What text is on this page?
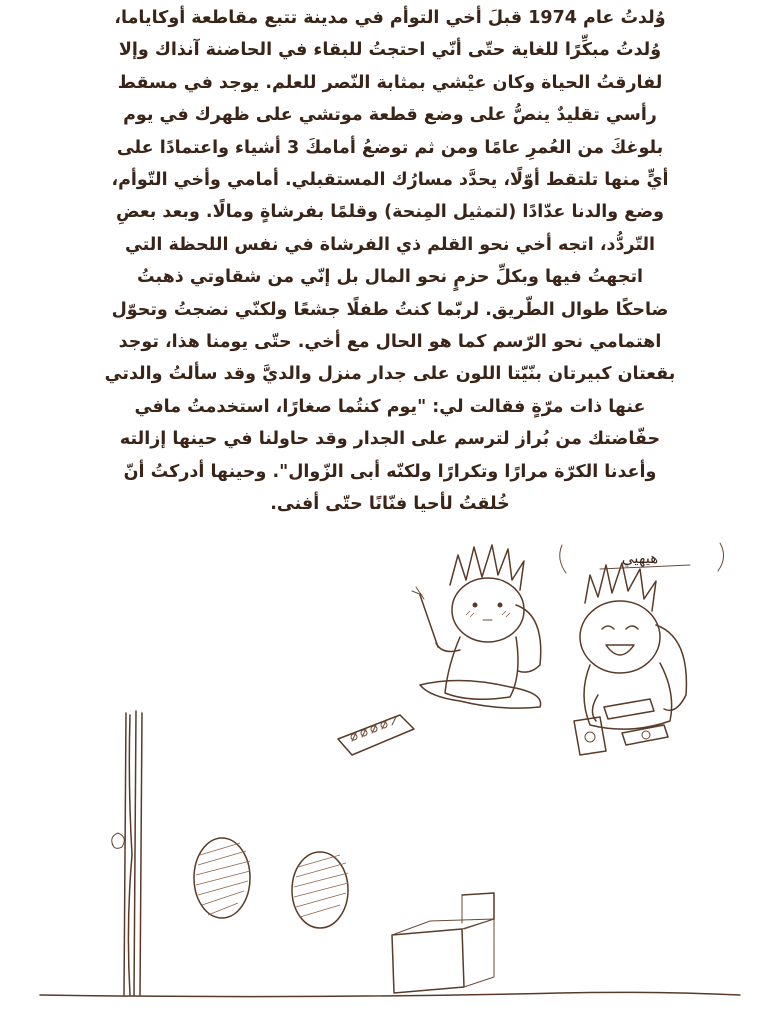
وُلدتُ عام 1974 قبلَ أخي التوأم في مدينة تتبع مقاطعة أوكاياما،
وُلدتُ مبكِّرًا للغاية حتّى أنّي احتجتُ للبقاء في الحاضنة آنذاك وإلا
لفارقتُ الحياة وكان عيْشي بمثابة النّصر للعلم. يوجد في مسقط
رأسي تقليدٌ ينصُّ على وضع قطعة موتشي على ظهرك في يوم
بلوغكَ من العُمرِ عامًا ومن ثم توضعُ أمامكَ 3 أشياء واعتمادًا على
أيٍّ منها تلتقط أوّلًا، يحدَّد مسارُك المستقبلي. أمامي وأخي التّوأم،
وضع والدنا عدّادًا (لتمثيل المِنحة) وقلمًا بفرشاةٍ ومالًا. وبعد بعضِ
التّردُّد، اتجه أخي نحو القلم ذي الفرشاة في نفس اللحظة التي
اتجهتُ فيها وبكلِّ حزمٍ نحو المال بل إنّي من شقاوتي ذهبتُ
ضاحكًا طوال الطّريق. لربّما كنتُ طفلًا جشعًا ولكنّي نضجتُ وتحوّل
اهتمامي نحو الرّسم كما هو الحال مع أخي. حتّى يومنا هذا، توجد
بقعتان كبيرتان بنّيّتا اللون على جدار منزل والديَّ وقد سألتُ والدتي
عنها ذات مرّةٍ فقالت لي: "يوم كنتُما صغارًا، استخدمتُ مافي
حفّاضتك من بُراز لترسم على الجدار وقد حاولنا في حينها إزالته
وأعدنا الكرّة مرارًا وتكرارًا ولكنّه أبى الزّوال". وحينها أدركتُ أنّ
خُلقتُ لأحيا فنّانًا حتّى أفنى.
هيهيي
